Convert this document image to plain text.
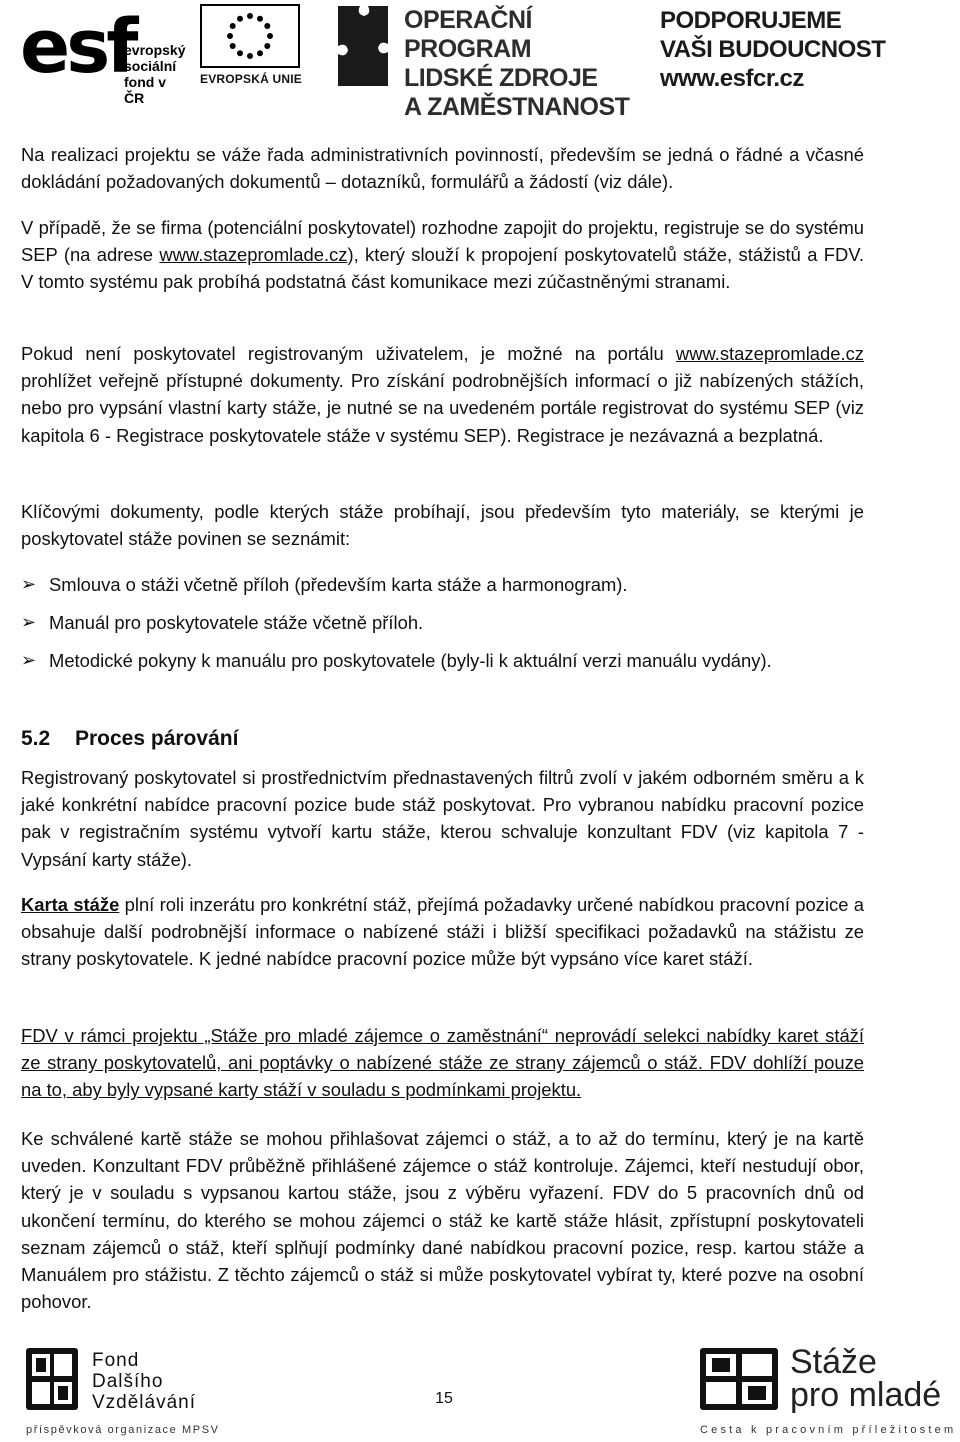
esf
evropský
sociální
fond v ČR
EVROPSKÁ UNIE
OPERAČNÍ PROGRAM
LIDSKÉ ZDROJE
A ZAMĚSTNANOST
PODPORUJEME
VAŠI BUDOUCNOST
www.esfcr.cz

Na realizaci projektu se váže řada administrativních povinností, především se jedná o řádné a včasné dokládání požadovaných dokumentů – dotazníků, formulářů a žádostí (viz dále).

V případě, že se firma (potenciální poskytovatel) rozhodne zapojit do projektu, registruje se do systému SEP (na adrese www.stazepromlade.cz), který slouží k propojení poskytovatelů stáže, stážistů a FDV. V tomto systému pak probíhá podstatná část komunikace mezi zúčastněnými stranami.

Pokud není poskytovatel registrovaným uživatelem, je možné na portálu www.stazepromlade.cz prohlížet veřejně přístupné dokumenty. Pro získání podrobnějších informací o již nabízených stážích, nebo pro vypsání vlastní karty stáže, je nutné se na uvedeném portále registrovat do systému SEP (viz kapitola 6 - Registrace poskytovatele stáže v systému SEP). Registrace je nezávazná a bezplatná.

Klíčovými dokumenty, podle kterých stáže probíhají, jsou především tyto materiály, se kterými je poskytovatel stáže povinen se seznámit:

➢ Smlouva o stáži včetně příloh (především karta stáže a harmonogram).
➢ Manuál pro poskytovatele stáže včetně příloh.
➢ Metodické pokyny k manuálu pro poskytovatele (byly-li k aktuální verzi manuálu vydány).
5.2 Proces párování

Registrovaný poskytovatel si prostřednictvím přednastavených filtrů zvolí v jakém odborném směru a k jaké konkrétní nabídce pracovní pozice bude stáž poskytovat. Pro vybranou nabídku pracovní pozice pak v registračním systému vytvoří kartu stáže, kterou schvaluje konzultant FDV (viz kapitola 7 - Vypsání karty stáže).

Karta stáže plní roli inzerátu pro konkrétní stáž, přejímá požadavky určené nabídkou pracovní pozice a obsahuje další podrobnější informace o nabízené stáži i bližší specifikaci požadavků na stážistu ze strany poskytovatele. K jedné nabídce pracovní pozice může být vypsáno více karet stáží.

FDV v rámci projektu „Stáže pro mladé zájemce o zaměstnání“ neprovádí selekci nabídky karet stáží ze strany poskytovatelů, ani poptávky o nabízené stáže ze strany zájemců o stáž. FDV dohlíží pouze na to, aby byly vypsané karty stáží v souladu s podmínkami projektu.

Ke schválené kartě stáže se mohou přihlašovat zájemci o stáž, a to až do termínu, který je na kartě uveden. Konzultant FDV průběžně přihlášené zájemce o stáž kontroluje. Zájemci, kteří nestudují obor, který je v souladu s vypsanou kartou stáže, jsou z výběru vyřazení. FDV do 5 pracovních dnů od ukončení termínu, do kterého se mohou zájemci o stáž ke kartě stáže hlásit, zpřístupní poskytovateli seznam zájemců o stáž, kteří splňují podmínky dané nabídkou pracovní pozice, resp. kartou stáže a Manuálem pro stážistu. Z těchto zájemců o stáž si může poskytovatel vybírat ty, které pozve na osobní pohovor.

Fond
Dalšího
Vzdělávání
příspěvková organizace MPSV
15
Stáže
pro mladé
Cesta k pracovním příležitostem
